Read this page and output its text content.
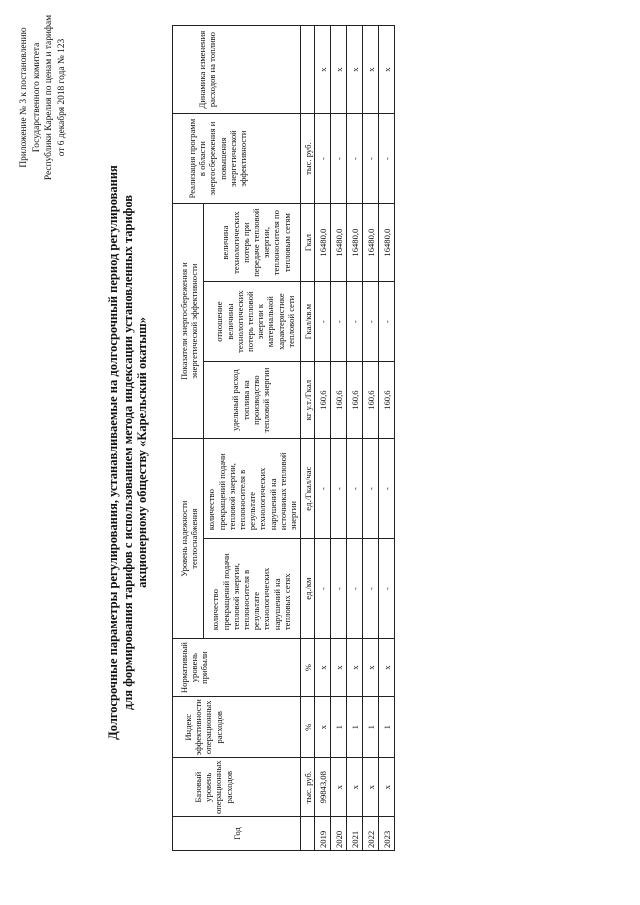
Приложение № 3 к постановлению Государственного комитета Республики Карелия по ценам и тарифам от 6 декабря 2018 года № 123
Долгосрочные параметры регулирования, устанавливаемые на долгосрочный период регулирования для формирования тарифов с использованием метода индексации установленных тарифов акционерному обществу «Карельский окатыш»
Год	Базовый уровень операционных расходов	Индекс эффективности операционных расходов	Нормативный уровень прибыли	Уровень надежности теплоснабжения		Показатели энергосбережения и энергетической эффективности			Реализация программ в области энергосбережения и повышения энергетической эффективности	Динамика изменения расходов на топливо
				количество прекращений подачи тепловой энергии, теплоносителя в результате технологических нарушений на тепловых сетях	количество прекращений подачи тепловой энергии, теплоносителя в результате технологических нарушений на источниках тепловой энергии	удельный расход топлива на производство тепловой энергии	отношение величины технологических потерь тепловой энергии к материальной характеристике тепловой сети	величина технологических потерь при передаче тепловой энергии, теплоносителя по тепловым сетям		
	тыс. руб.	%	%	ед./км	ед./Гкал/час	кг у.т./Гкал	Гкал/кв.м	Гкал	тыс. руб.	
2019	99843,08	х	х	-	-	160,6	-	16480,0	-	х
2020	х	1	х	-	-	160,6	-	16480,0	-	х
2021	х	1	х	-	-	160,6	-	16480,0	-	х
2022	х	1	х	-	-	160,6	-	16480,0	-	х
2023	х	1	х	-	-	160,6	-	16480,0	-	х
